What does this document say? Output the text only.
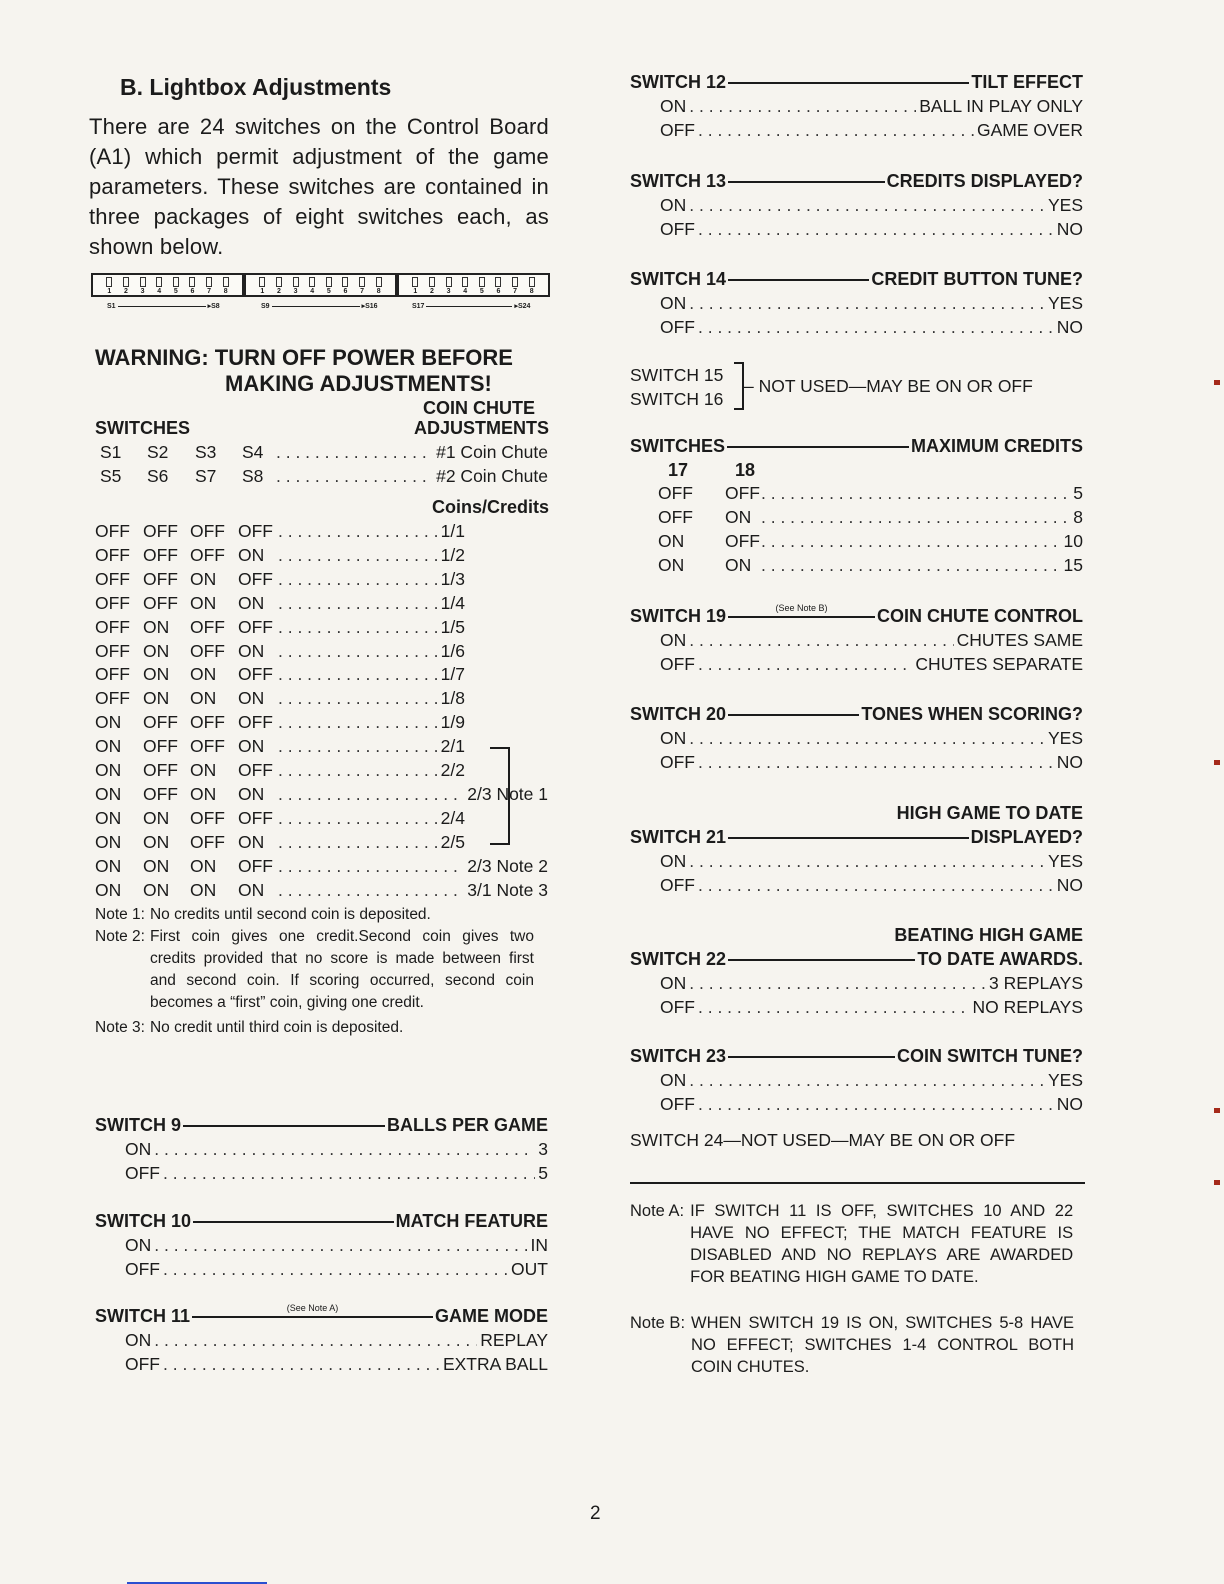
B. Lightbox Adjustments

There are 24 switches on the Control Board (A1) which permit adjustment of the game parameters. These switches are contained in three packages of eight switches each, as shown below.

1 2 3 4 5 6 7 8	1 2 3 4 5 6 7 8	1 2 3 4 5 6 7 8
S1	▸ S8	S9	▸ S16	S17	▸ S24
WARNING: TURN OFF POWER BEFORE
MAKING ADJUSTMENTS!
COIN CHUTE
SWITCHES	ADJUSTMENTS
S1 S2 S3 S4 . . .	#1 Coin Chute
S5 S6 S7 S8 . . .	#2 Coin Chute
Coins/Credits
OFF OFF OFF OFF . . .	1/1
OFF OFF OFF ON . . .	1/2
OFF OFF ON OFF . . .	1/3
OFF OFF ON ON . . .	1/4
OFF ON OFF OFF . . .	1/5
OFF ON OFF ON . . .	1/6
OFF ON ON OFF . . .	1/7
OFF ON ON ON . . .	1/8
ON OFF OFF OFF . . .	1/9
ON OFF OFF ON . . .	2/1
ON OFF ON OFF . . .	2/2
ON OFF ON ON . . .	2/3 Note 1
ON ON OFF OFF . . .	2/4
ON ON OFF ON . . .	2/5
ON ON ON OFF . . .	2/3 Note 2
ON ON ON ON . . .	3/1 Note 3
Note 1: No credits until second coin is deposited.
Note 2: First coin gives one credit.Second coin gives two credits provided that no score is made between first and second coin. If scoring occurred, second coin becomes a “first” coin, giving one credit.
Note 3: No credit until third coin is deposited.
SWITCH 9	BALLS PER GAME
ON . . .	3
OFF . . .	5
SWITCH 10	MATCH FEATURE
ON . . .	IN
OFF . . .	OUT
SWITCH 11	(See Note A)	GAME MODE
ON . . .	REPLAY
OFF . . .	EXTRA BALL
SWITCH 12	TILT EFFECT
ON . . .	BALL IN PLAY ONLY
OFF . . .	GAME OVER
SWITCH 13	CREDITS DISPLAYED?
ON . . .	YES
OFF . . .	NO
SWITCH 14	CREDIT BUTTON TUNE?
ON . . .	YES
OFF . . .	NO
SWITCH 19	(See Note B)	COIN CHUTE CONTROL
ON . . .	CHUTES SAME
OFF . . .	CHUTES SEPARATE
SWITCH 20	TONES WHEN SCORING?
ON . . .	YES
OFF . . .	NO
SWITCH 21	DISPLAYED?
ON . . .	YES
OFF . . .	NO
SWITCH 22	TO DATE AWARDS.
ON . . .	3 REPLAYS
OFF . . .	NO REPLAYS
SWITCH 23	COIN SWITCH TUNE?
ON . . .	YES
OFF . . .	NO
SWITCH 15
SWITCH 16
– NOT USED—MAY BE ON OR OFF
SWITCHES	MAXIMUM CREDITS
17	18
OFF OFF . . .	5
OFF ON . . .	8
ON OFF . . .	10
ON ON . . .	15
HIGH GAME TO DATE
BEATING HIGH GAME
SWITCH 24—NOT USED—MAY BE ON OR OFF
Note A: IF SWITCH 11 IS OFF, SWITCHES 10 AND 22 HAVE NO EFFECT; THE MATCH FEATURE IS DISABLED AND NO REPLAYS ARE AWARDED FOR BEATING HIGH GAME TO DATE.
Note B: WHEN SWITCH 19 IS ON, SWITCHES 5-8 HAVE NO EFFECT; SWITCHES 1-4 CONTROL BOTH COIN CHUTES.
2
